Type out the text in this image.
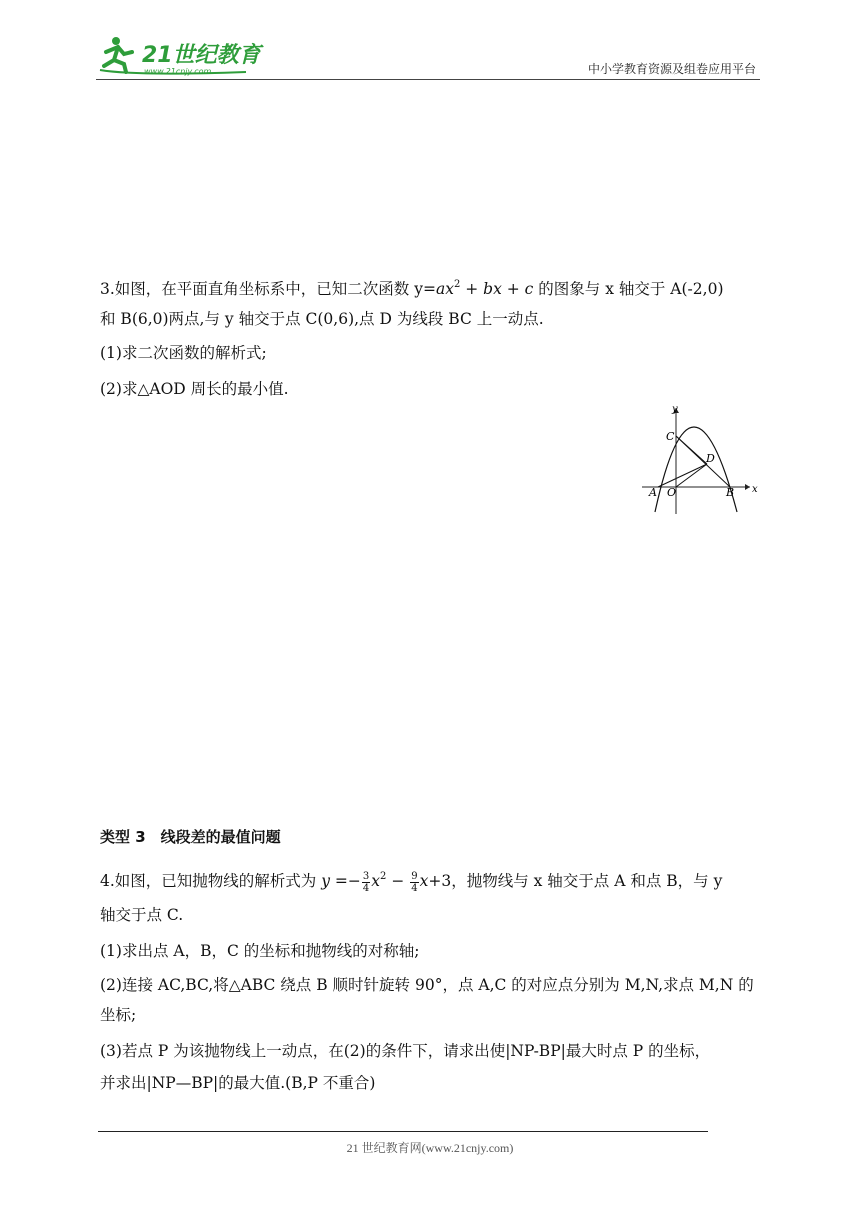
21世纪教育
www.21cnjy.com	中小学教育资源及组卷应用平台
3.如图，在平面直角坐标系中，已知二次函数 $y=ax^2$ + bx + c 的图象与 x 轴交于 A(-2,0)
和 B(6,0)两点,与 y 轴交于点 C(0,6),点 D 为线段 BC 上一动点.
(1)求二次函数的解析式;
(2)求△AOD 周长的最小值.
y
x
C
D
A O	B
类型 3　线段差的最值问题
4.如图，已知抛物线的解析式为 $y =- \frac{3}{4} x^2 - \frac{9}{4} x+3$，抛物线与 x 轴交于点 A 和点 B，与 y
轴交于点 C.
(1)求出点 A，B，C 的坐标和抛物线的对称轴;
(2)连接 AC,BC,将△ABC 绕点 B 顺时针旋转 90°，点 A,C 的对应点分别为 M,N,求点 M,N 的
坐标;
(3)若点 P 为该抛物线上一动点，在(2)的条件下，请求出使|NP-BP|最大时点 P 的坐标，
并求出|NP—BP|的最大值.(B,P 不重合)
21 世纪教育网(www.21cnjy.com)
